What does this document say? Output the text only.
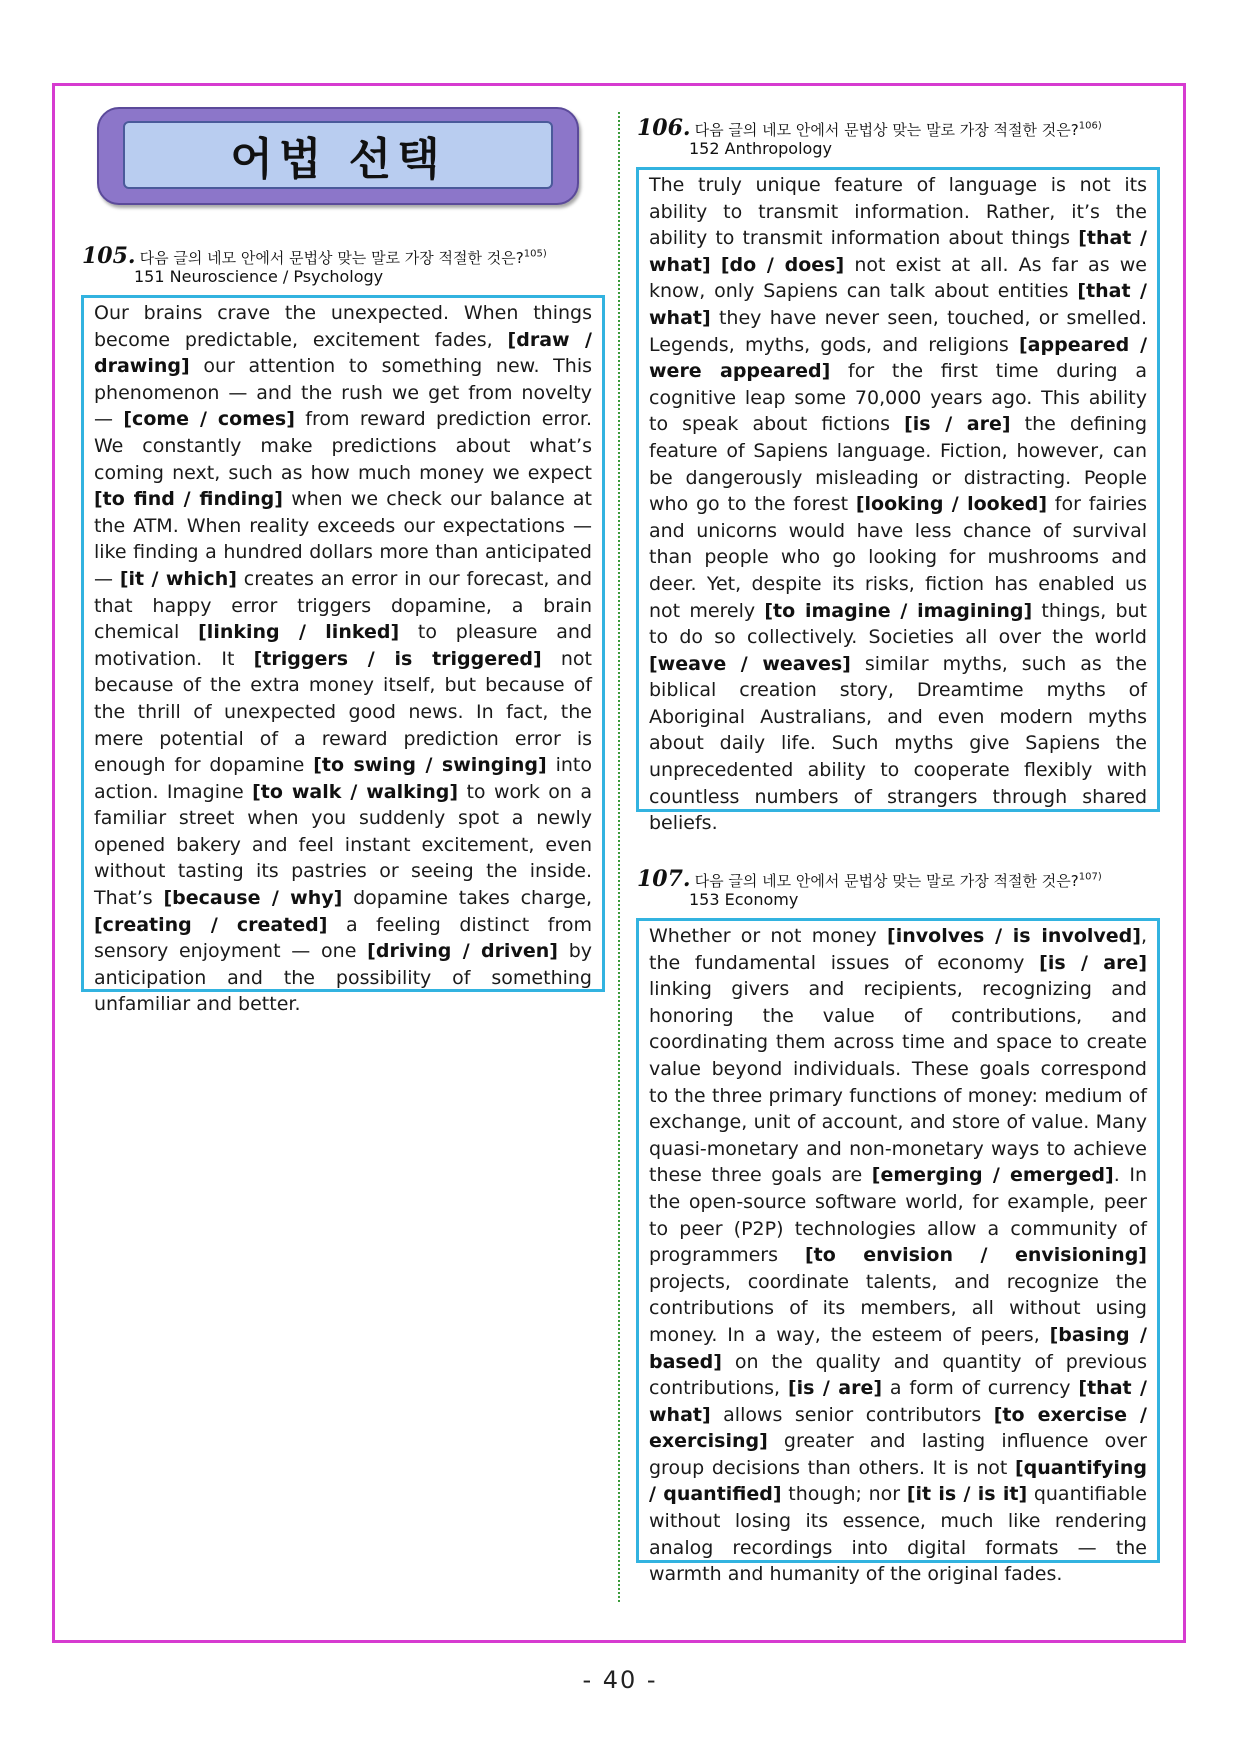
어법 선택
105. 다음 글의 네모 안에서 문법상 맞는 말로 가장 적절한 것은?$^{105)}$
151 Neuroscience / Psychology
Our brains crave the unexpected. When things become predictable, excitement fades, [draw / drawing] our attention to something new. This phenomenon — and the rush we get from novelty — [come / comes] from reward prediction error. We constantly make predictions about what’s coming next, such as how much money we expect [to find / finding] when we check our balance at the ATM. When reality exceeds our expectations — like finding a hundred dollars more than anticipated — [it / which] creates an error in our forecast, and that happy error triggers dopamine, a brain chemical [linking / linked] to pleasure and motivation. It [triggers / is triggered] not because of the extra money itself, but because of the thrill of unexpected good news. In fact, the mere potential of a reward prediction error is enough for dopamine [to swing / swinging] into action. Imagine [to walk / walking] to work on a familiar street when you suddenly spot a newly opened bakery and feel instant excitement, even without tasting its pastries or seeing the inside. That’s [because / why] dopamine takes charge, [creating / created] a feeling distinct from sensory enjoyment — one [driving / driven] by anticipation and the possibility of something unfamiliar and better.
106. 다음 글의 네모 안에서 문법상 맞는 말로 가장 적절한 것은?$^{106)}$
152 Anthropology
The truly unique feature of language is not its ability to transmit information. Rather, it’s the ability to transmit information about things [that / what] [do / does] not exist at all. As far as we know, only Sapiens can talk about entities [that / what] they have never seen, touched, or smelled. Legends, myths, gods, and religions [appeared / were appeared] for the first time during a cognitive leap some 70,000 years ago. This ability to speak about fictions [is / are] the defining feature of Sapiens language. Fiction, however, can be dangerously misleading or distracting. People who go to the forest [looking / looked] for fairies and unicorns would have less chance of survival than people who go looking for mushrooms and deer. Yet, despite its risks, fiction has enabled us not merely [to imagine / imagining] things, but to do so collectively. Societies all over the world [weave / weaves] similar myths, such as the biblical creation story, Dreamtime myths of Aboriginal Australians, and even modern myths about daily life. Such myths give Sapiens the unprecedented ability to cooperate flexibly with countless numbers of strangers through shared beliefs.
107. 다음 글의 네모 안에서 문법상 맞는 말로 가장 적절한 것은?$^{107)}$
153 Economy
Whether or not money [involves / is involved], the fundamental issues of economy [is / are] linking givers and recipients, recognizing and honoring the value of contributions, and coordinating them across time and space to create value beyond individuals. These goals correspond to the three primary functions of money: medium of exchange, unit of account, and store of value. Many quasi-monetary and non-monetary ways to achieve these three goals are [emerging / emerged]. In the open-source software world, for example, peer to peer (P2P) technologies allow a community of programmers [to envision / envisioning] projects, coordinate talents, and recognize the contributions of its members, all without using money. In a way, the esteem of peers, [basing / based] on the quality and quantity of previous contributions, [is / are] a form of currency [that / what] allows senior contributors [to exercise / exercising] greater and lasting influence over group decisions than others. It is not [quantifying / quantified] though; nor [it is / is it] quantifiable without losing its essence, much like rendering analog recordings into digital formats — the warmth and humanity of the original fades.
- 40 -
